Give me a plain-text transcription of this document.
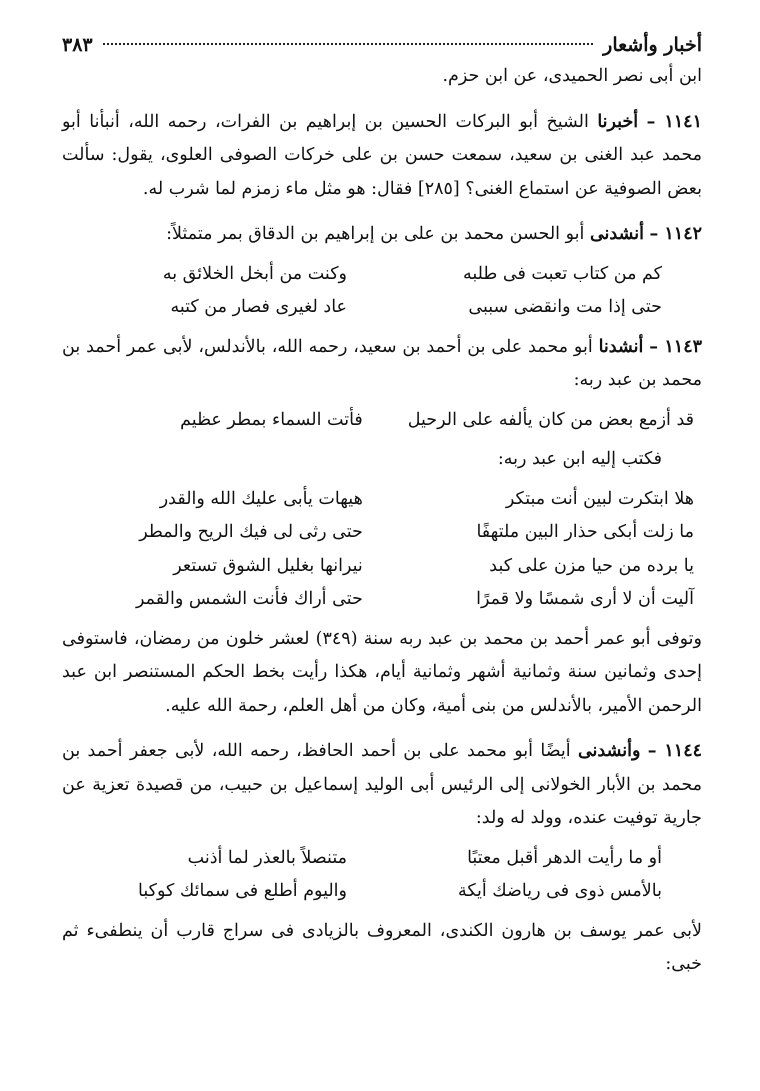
أخبار وأشعار
٣٨٣

ابن أبى نصر الحميدى، عن ابن حزم.

١١٤١ – أخبرنا الشيخ أبو البركات الحسين بن إبراهيم بن الفرات، رحمه الله، أنبأنا أبو محمد عبد الغنى بن سعيد، سمعت حسن بن على خركات الصوفى العلوى، يقول: سألت بعض الصوفية عن استماع الغنى؟ [٢٨٥] فقال: هو مثل ماء زمزم لما شرب له.

١١٤٢ – أنشدنى أبو الحسن محمد بن على بن إبراهيم بن الدقاق بمر متمثلاً:

كم من كتاب تعبت فى طلبه
وكنت من أبخل الخلائق به
حتى إذا مت وانقضى سببى
عاد لغيرى فصار من كتبه

١١٤٣ – أنشدنا أبو محمد على بن أحمد بن سعيد، رحمه الله، بالأندلس، لأبى عمر أحمد بن محمد بن عبد ربه:

قد أزمع بعض من كان يألفه على الرحيل
فأتت السماء بمطر عظيم

فكتب إليه ابن عبد ربه:

هلا ابتكرت لبين أنت مبتكر
هيهات يأبى عليك الله والقدر
ما زلت أبكى حذار البين ملتهفًا
حتى رثى لى فيك الريح والمطر
يا برده من حيا مزن على كبد
نيرانها بغليل الشوق تستعر
آليت أن لا أرى شمسًا ولا قمرًا
حتى أراك فأنت الشمس والقمر

وتوفى أبو عمر أحمد بن محمد بن عبد ربه سنة (٣٤٩) لعشر خلون من رمضان، فاستوفى إحدى وثمانين سنة وثمانية أشهر وثمانية أيام، هكذا رأيت بخط الحكم المستنصر ابن عبد الرحمن الأمير، بالأندلس من بنى أمية، وكان من أهل العلم، رحمة الله عليه.

١١٤٤ – وأنشدنى أيضًا أبو محمد على بن أحمد الحافظ، رحمه الله، لأبى جعفر أحمد بن محمد بن الأبار الخولانى إلى الرئيس أبى الوليد إسماعيل بن حبيب، من قصيدة تعزية عن جارية توفيت عنده، وولد له ولد:

أو ما رأيت الدهر أقبل معتبًا
متنصلاً بالعذر لما أذنب
بالأمس ذوى فى رياضك أيكة
واليوم أطلع فى سمائك كوكبا

لأبى عمر يوسف بن هارون الكندى، المعروف بالزيادى فى سراج قارب أن ينطفىء ثم خبى:
